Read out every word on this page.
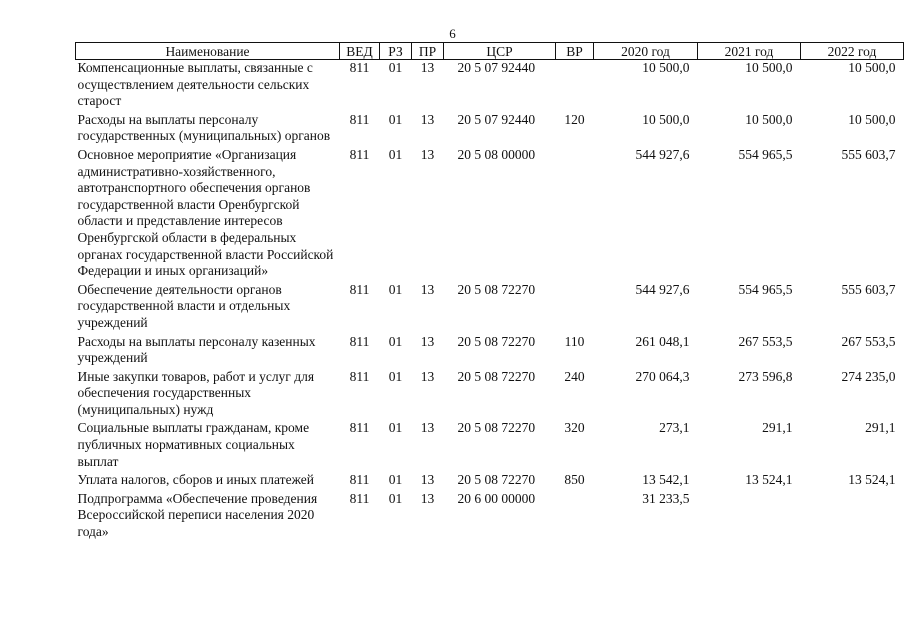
6
Наименование	ВЕД	РЗ	ПР	ЦСР	ВР	2020 год	2021 год	2022 год
Компенсационные выплаты, связанные с осуществлением деятельности сельских старост	811	01	13	20 5 07 92440		10 500,0	10 500,0	10 500,0
Расходы на выплаты персоналу государственных (муниципальных) органов	811	01	13	20 5 07 92440	120	10 500,0	10 500,0	10 500,0
Основное мероприятие «Организация административно-хозяйственного, автотранспортного обеспечения органов государственной власти Оренбургской области и представление интересов Оренбургской области в федеральных органах государственной власти Российской Федерации и иных организаций»	811	01	13	20 5 08 00000		544 927,6	554 965,5	555 603,7
Обеспечение деятельности органов государственной власти и отдельных учреждений	811	01	13	20 5 08 72270		544 927,6	554 965,5	555 603,7
Расходы на выплаты персоналу казенных учреждений	811	01	13	20 5 08 72270	110	261 048,1	267 553,5	267 553,5
Иные закупки товаров, работ и услуг для обеспечения государственных (муниципальных) нужд	811	01	13	20 5 08 72270	240	270 064,3	273 596,8	274 235,0
Социальные выплаты гражданам, кроме публичных нормативных социальных выплат	811	01	13	20 5 08 72270	320	273,1	291,1	291,1
Уплата налогов, сборов и иных платежей	811	01	13	20 5 08 72270	850	13 542,1	13 524,1	13 524,1
Подпрограмма «Обеспечение проведения Всероссийской переписи населения 2020 года»	811	01	13	20 6 00 00000		31 233,5		
